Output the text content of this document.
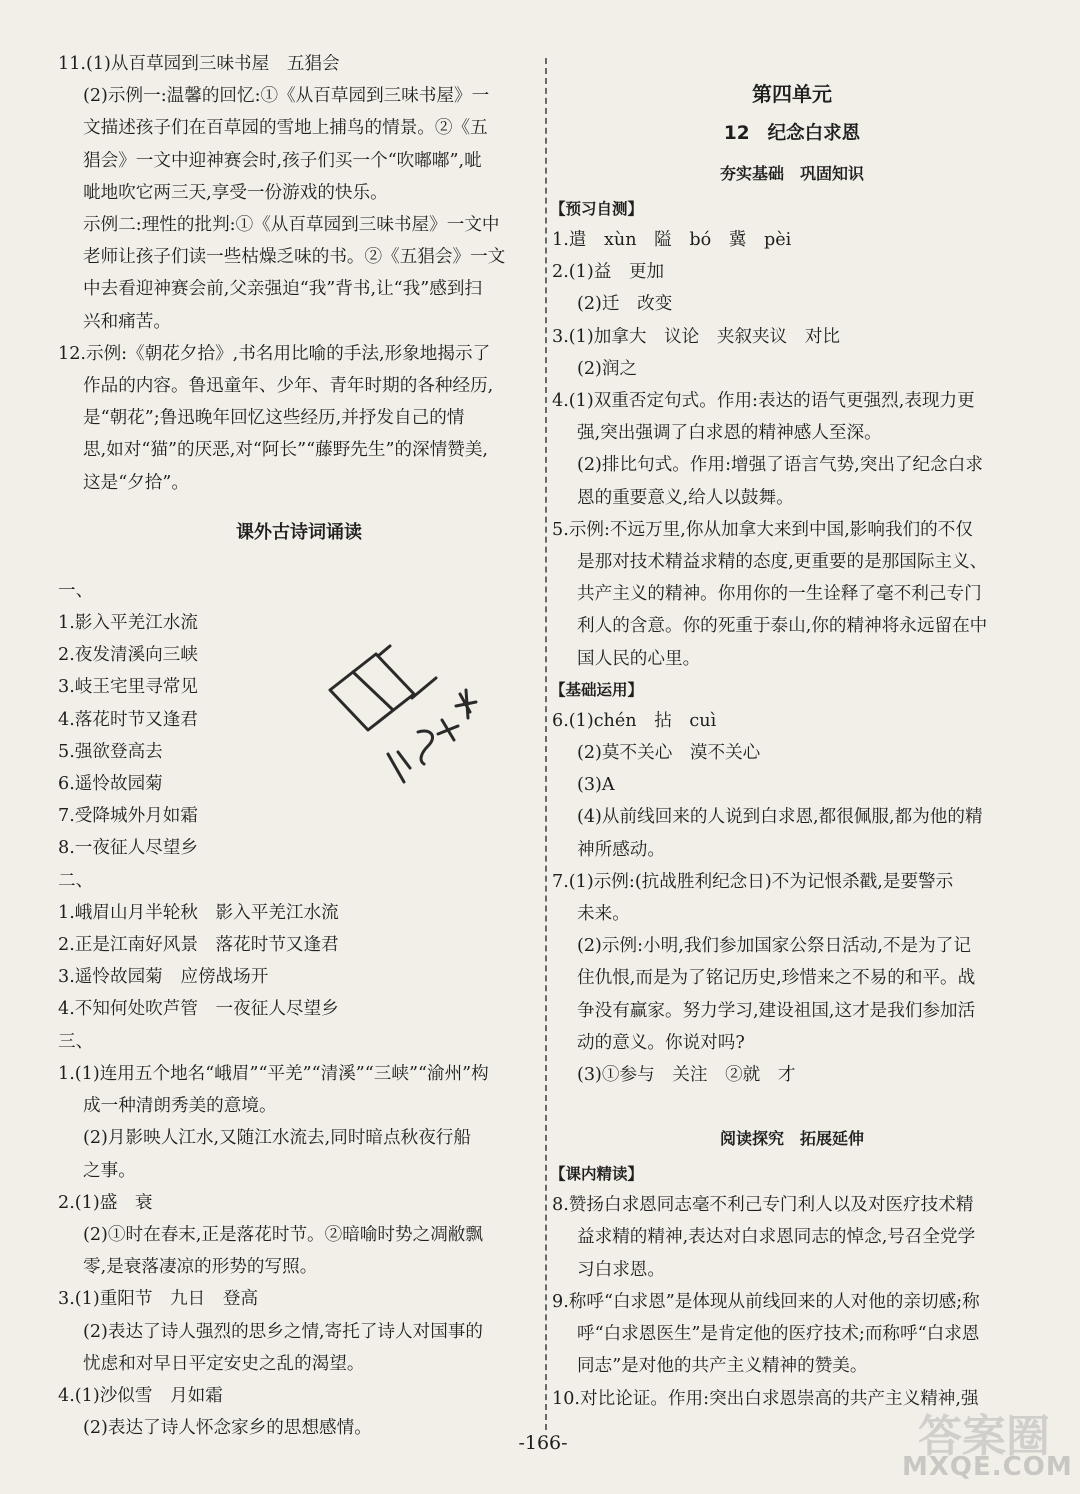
11.(1)从百草园到三味书屋　五猖会
(2)示例一:温馨的回忆:①《从百草园到三味书屋》一
文描述孩子们在百草园的雪地上捕鸟的情景。②《五
猖会》一文中迎神赛会时,孩子们买一个“吹嘟嘟”,呲
呲地吹它两三天,享受一份游戏的快乐。
示例二:理性的批判:①《从百草园到三味书屋》一文中
老师让孩子们读一些枯燥乏味的书。②《五猖会》一文
中去看迎神赛会前,父亲强迫“我”背书,让“我”感到扫
兴和痛苦。
12.示例:《朝花夕拾》,书名用比喻的手法,形象地揭示了
作品的内容。鲁迅童年、少年、青年时期的各种经历,
是“朝花”;鲁迅晚年回忆这些经历,并抒发自己的情
思,如对“猫”的厌恶,对“阿长”“藤野先生”的深情赞美,
这是“夕拾”。
课外古诗词诵读
一、
1.影入平羌江水流
2.夜发清溪向三峡
3.岐王宅里寻常见
4.落花时节又逢君
5.强欲登高去
6.遥怜故园菊
7.受降城外月如霜
8.一夜征人尽望乡
二、
1.峨眉山月半轮秋　影入平羌江水流
2.正是江南好风景　落花时节又逢君
3.遥怜故园菊　应傍战场开
4.不知何处吹芦管　一夜征人尽望乡
三、
1.(1)连用五个地名“峨眉”“平羌”“清溪”“三峡”“渝州”构
成一种清朗秀美的意境。
(2)月影映人江水,又随江水流去,同时暗点秋夜行船
之事。
2.(1)盛　衰
(2)①时在春末,正是落花时节。②暗喻时势之凋敝飘
零,是衰落凄凉的形势的写照。
3.(1)重阳节　九日　登高
(2)表达了诗人强烈的思乡之情,寄托了诗人对国事的
忧虑和对早日平定安史之乱的渴望。
4.(1)沙似雪　月如霜
(2)表达了诗人怀念家乡的思想感情。
第四单元
12 纪念白求恩
夯实基础　巩固知识
【预习自测】
1.遣　xùn　隘　bó　冀　pèi
2.(1)益　更加
(2)迁　改变
3.(1)加拿大　议论　夹叙夹议　对比
(2)润之
4.(1)双重否定句式。作用:表达的语气更强烈,表现力更
强,突出强调了白求恩的精神感人至深。
(2)排比句式。作用:增强了语言气势,突出了纪念白求
恩的重要意义,给人以鼓舞。
5.示例:不远万里,你从加拿大来到中国,影响我们的不仅
是那对技术精益求精的态度,更重要的是那国际主义、
共产主义的精神。你用你的一生诠释了毫不利己专门
利人的含意。你的死重于泰山,你的精神将永远留在中
国人民的心里。
【基础运用】
6.(1)chén　拈　cuì
(2)莫不关心　漠不关心
(3)A
(4)从前线回来的人说到白求恩,都很佩服,都为他的精
神所感动。
7.(1)示例:(抗战胜利纪念日)不为记恨杀戳,是要警示
未来。
(2)示例:小明,我们参加国家公祭日活动,不是为了记
住仇恨,而是为了铭记历史,珍惜来之不易的和平。战
争没有赢家。努力学习,建设祖国,这才是我们参加活
动的意义。你说对吗?
(3)①参与　关注　②就　才
阅读探究　拓展延伸
【课内精读】
8.赞扬白求恩同志毫不利己专门利人以及对医疗技术精
益求精的精神,表达对白求恩同志的悼念,号召全党学
习白求恩。
9.称呼“白求恩”是体现从前线回来的人对他的亲切感;称
呼“白求恩医生”是肯定他的医疗技术;而称呼“白求恩
同志”是对他的共产主义精神的赞美。
10.对比论证。作用:突出白求恩崇高的共产主义精神,强
-166-	答案圈
MXQE.COM
